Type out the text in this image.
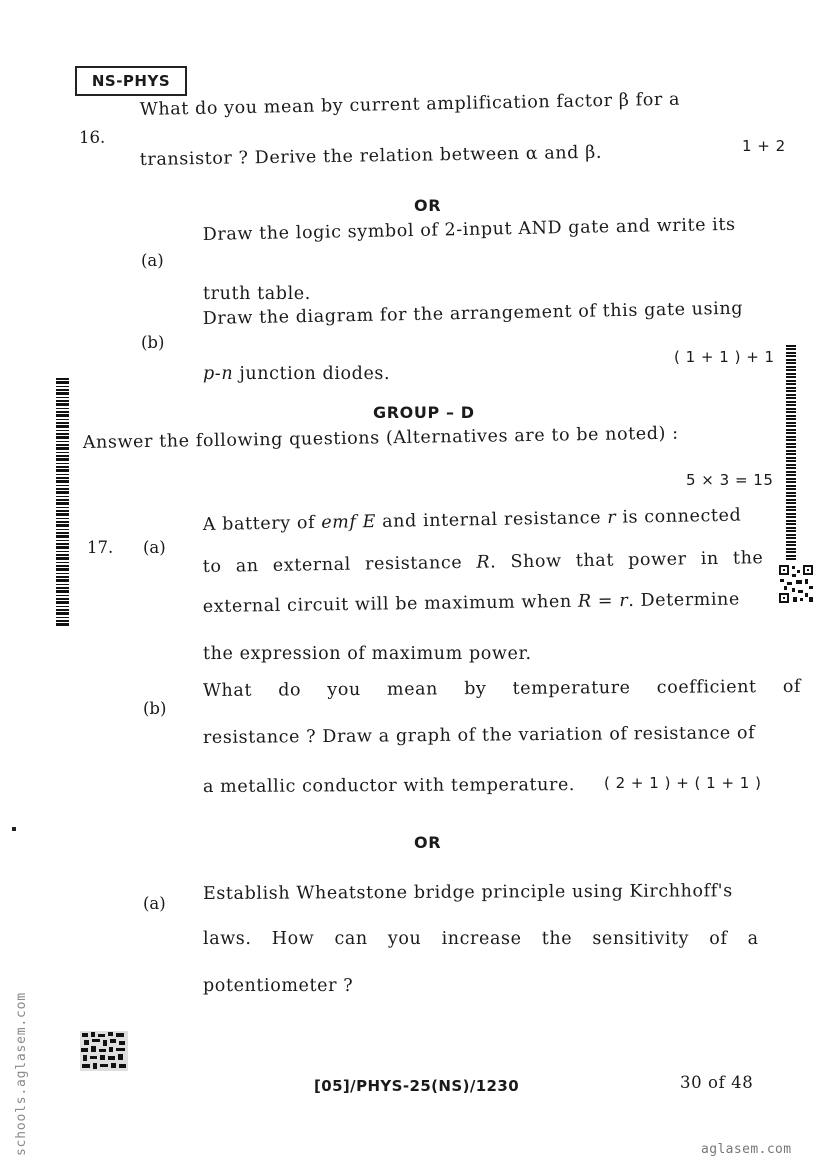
NS-PHYS
16.
What do you mean by current amplification factor β for a
1 + 2
transistor ? Derive the relation between α and β.
OR
(a)
Draw the logic symbol of 2-input AND gate and write its
truth table.
(b)
Draw the diagram for the arrangement of this gate using
( 1 + 1 ) + 1
p-n junction diodes.
GROUP – D
Answer the following questions (Alternatives are to be noted) :
5 × 3 = 15
17. (a)
A battery of emf E and internal resistance r is connected
to an external resistance R. Show that power in the
external circuit will be maximum when R = r. Determine
the expression of maximum power.
(b)
What do you mean by temperature coefficient of
resistance ? Draw a graph of the variation of resistance of
a metallic conductor with temperature. ( 2 + 1 ) + ( 1 + 1 )
OR
(a) Establish Wheatstone bridge principle using Kirchhoff's
laws. How can you increase the sensitivity of a
potentiometer ?
[05]/PHYS-25(NS)/1230	30 of 48
schools.aglasem.com	aglasem.com
